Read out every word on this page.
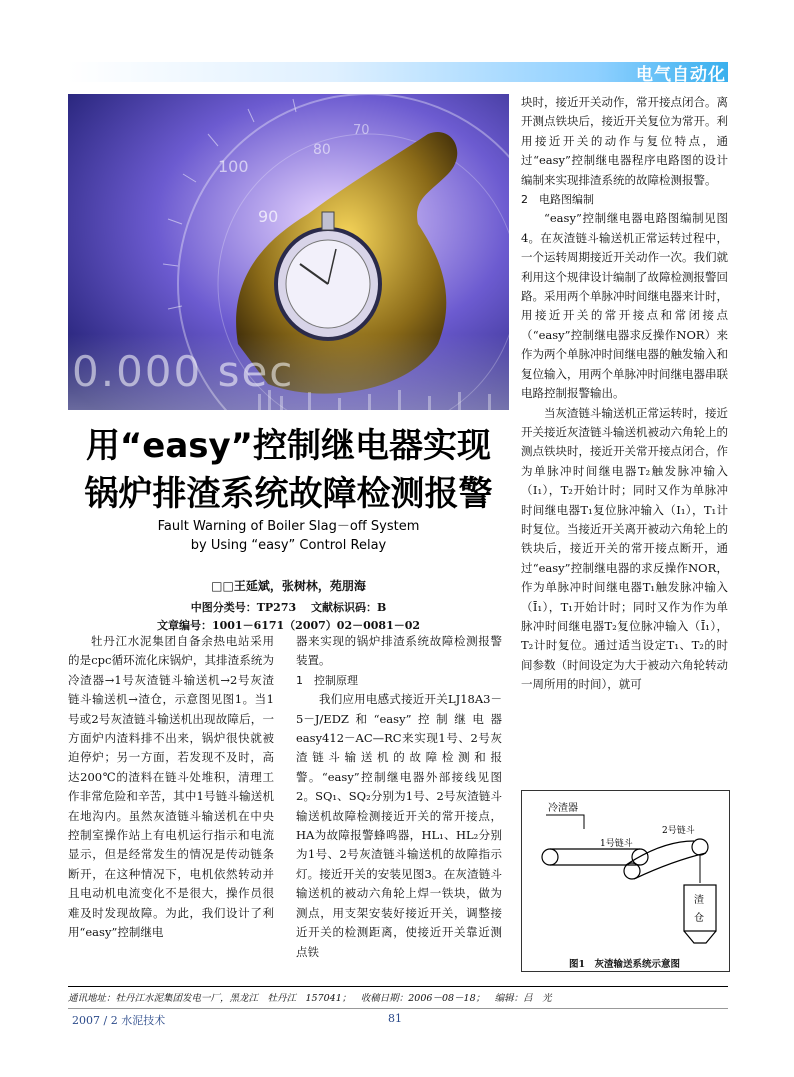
电气自动化
90
100
80
70
0.000 sec
用“easy”控制继电器实现
锅炉排渣系统故障检测报警
Fault Warning of Boiler Slag－off System
by Using “easy” Control Relay
□□王延斌，张树林，苑朋海
中图分类号：TP273　 文献标识码：B
文章编号：1001－6171（2007）02－0081－02

牡丹江水泥集团自备余热电站采用的是cpc循环流化床锅炉，其排渣系统为冷渣器→1号灰渣链斗输送机→2号灰渣链斗输送机→渣仓，示意图见图1。当1号或2号灰渣链斗输送机出现故障后，一方面炉内渣料排不出来，锅炉很快就被迫停炉；另一方面，若发现不及时，高达200℃的渣料在链斗处堆积，清理工作非常危险和辛苦，其中1号链斗输送机在地沟内。虽然灰渣链斗输送机在中央控制室操作站上有电机运行指示和电流显示，但是经常发生的情况是传动链条断开，在这种情况下，电机依然转动并且电动机电流变化不是很大，操作员很难及时发现故障。为此，我们设计了利用“easy”控制继电

器来实现的锅炉排渣系统故障检测报警装置。

1　控制原理

我们应用电感式接近开关LJ18A3－5－J/EDZ和“easy”控制继电器easy412－AC—RC来实现1号、2号灰渣链斗输送机的故障检测和报警。“easy”控制继电器外部接线见图2。SQ₁、SQ₂分别为1号、2号灰渣链斗输送机故障检测接近开关的常开接点，HA为故障报警蜂鸣器，HL₁、HL₂分别为1号、2号灰渣链斗输送机的故障指示灯。接近开关的安装见图3。在灰渣链斗输送机的被动六角轮上焊一铁块，做为测点，用支架安装好接近开关，调整接近开关的检测距离，使接近开关靠近测点铁

块时，接近开关动作，常开接点闭合。离开测点铁块后，接近开关复位为常开。利用接近开关的动作与复位特点，通过“easy”控制继电器程序电路图的设计编制来实现排渣系统的故障检测报警。

2　电路图编制

“easy”控制继电器电路图编制见图4。在灰渣链斗输送机正常运转过程中，一个运转周期接近开关动作一次。我们就利用这个规律设计编制了故障检测报警回路。采用两个单脉冲时间继电器来计时，用接近开关的常开接点和常闭接点（“easy”控制继电器求反操作NOR）来作为两个单脉冲时间继电器的触发输入和复位输入，用两个单脉冲时间继电器串联电路控制报警输出。

当灰渣链斗输送机正常运转时，接近开关接近灰渣链斗输送机被动六角轮上的测点铁块时，接近开关常开接点闭合，作为单脉冲时间继电器T₂触发脉冲输入（I₁），T₂开始计时；同时又作为单脉冲时间继电器T₁复位脉冲输入（I₁），T₁计时复位。当接近开关离开被动六角轮上的铁块后，接近开关的常开接点断开，通过“easy”控制继电器的求反操作NOR，作为单脉冲时间继电器T₁触发脉冲输入（Ī₁），T₁开始计时；同时又作为作为单脉冲时间继电器T₂复位脉冲输入（Ī₁），T₂计时复位。通过适当设定T₁、T₂的时间参数（时间设定为大于被动六角轮转动一周所用的时间），就可

冷渣器
1号链斗
2号链斗
渣
仓
图1　灰渣输送系统示意图
通讯地址：牡丹江水泥集团发电一厂，黑龙江　牡丹江　157041；　收稿日期：2006－08－18；　编辑：吕　光
2007 / 2 水泥技术	81
